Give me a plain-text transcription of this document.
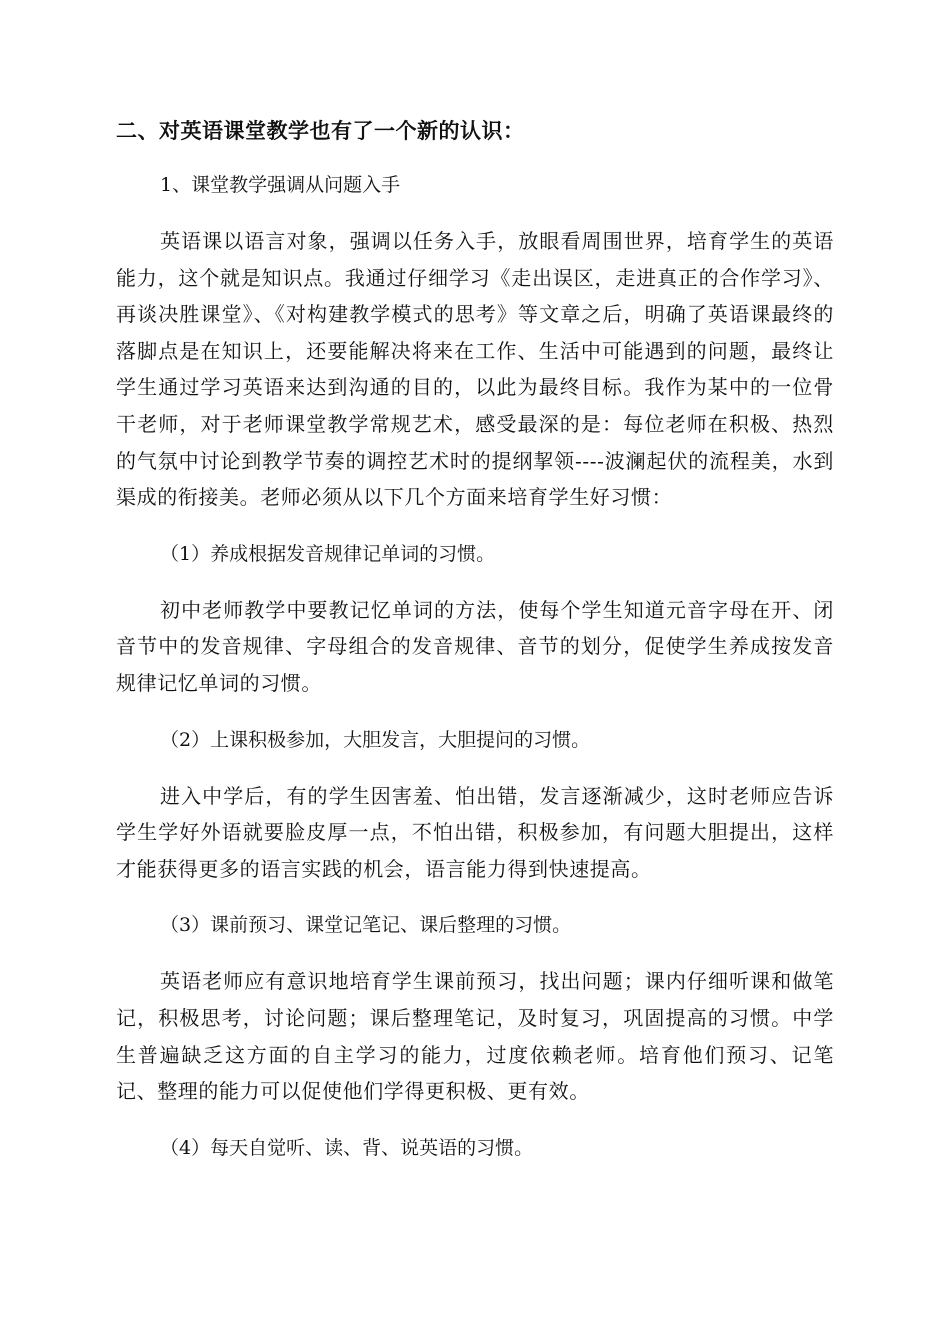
二、对英语课堂教学也有了一个新的认识：

1、课堂教学强调从问题入手

英语课以语言对象，强调以任务入手，放眼看周围世界，培育学生的英语能力，这个就是知识点。我通过仔细学习《走出误区，走进真正的合作学习》、再谈决胜课堂》、《对构建教学模式的思考》等文章之后，明确了英语课最终的落脚点是在知识上，还要能解决将来在工作、生活中可能遇到的问题，最终让学生通过学习英语来达到沟通的目的，以此为最终目标。我作为某中的一位骨干老师，对于老师课堂教学常规艺术，感受最深的是：每位老师在积极、热烈的气氛中讨论到教学节奏的调控艺术时的提纲挈领----波澜起伏的流程美，水到渠成的衔接美。老师必须从以下几个方面来培育学生好习惯：

（1）养成根据发音规律记单词的习惯。

初中老师教学中要教记忆单词的方法，使每个学生知道元音字母在开、闭音节中的发音规律、字母组合的发音规律、音节的划分，促使学生养成按发音规律记忆单词的习惯。

（2）上课积极参加，大胆发言，大胆提问的习惯。

进入中学后，有的学生因害羞、怕出错，发言逐渐减少，这时老师应告诉学生学好外语就要脸皮厚一点，不怕出错，积极参加，有问题大胆提出，这样才能获得更多的语言实践的机会，语言能力得到快速提高。

（3）课前预习、课堂记笔记、课后整理的习惯。

英语老师应有意识地培育学生课前预习，找出问题；课内仔细听课和做笔记，积极思考，讨论问题；课后整理笔记，及时复习，巩固提高的习惯。中学生普遍缺乏这方面的自主学习的能力，过度依赖老师。培育他们预习、记笔记、整理的能力可以促使他们学得更积极、更有效。

（4）每天自觉听、读、背、说英语的习惯。
